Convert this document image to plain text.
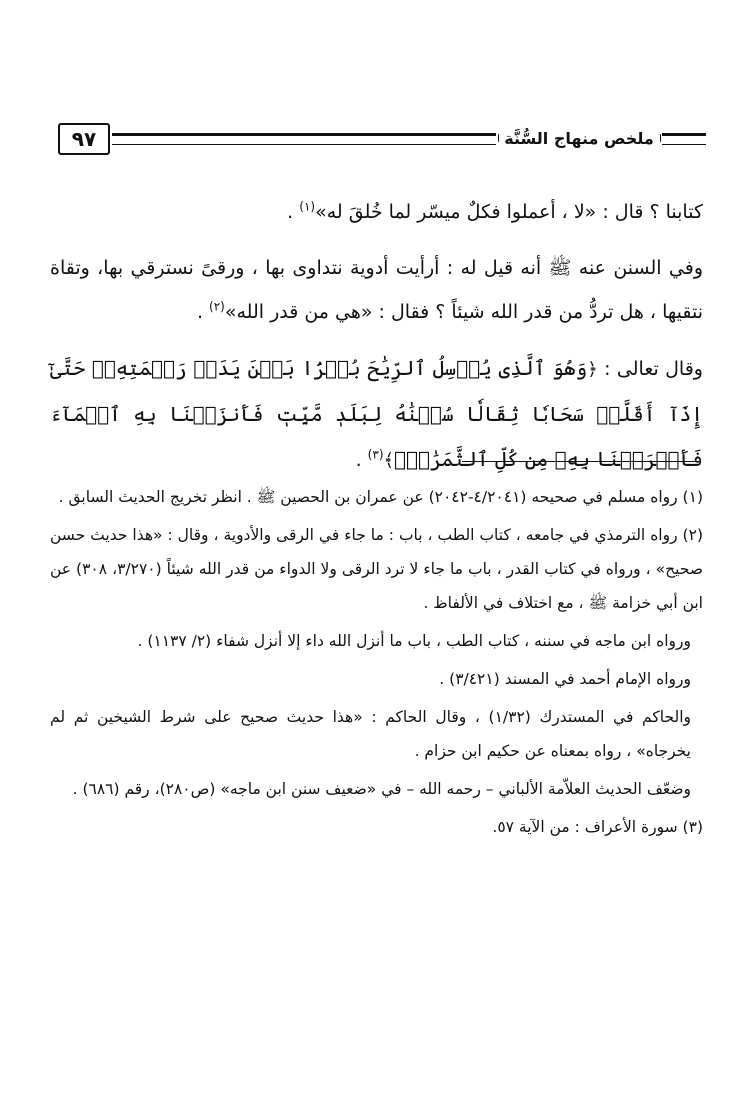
٩٧	ملخص منهاج السُّنَّة

كتابنا ؟ قال : «لا ، أعملوا فكلٌ ميسّر لما خُلقَ له»$^{(١)}$ .

وفي السنن عنه ﷺ أنه قيل له : أرأيت أدوية نتداوى بها ، ورقىً نسترقي بها، وتقاة نتقيها ، هل تردُّ من قدر الله شيئاً ؟ فقال : «هي من قدر الله»$^{(٢)}$ .

وقال تعالى : ﴿وَهُوَ ٱلَّذِى يُرۡسِلُ ٱلرِّيَٰحَ بُشۡرَۢا بَيۡنَ يَدَىۡ رَحۡمَتِهِۦۖ حَتَّىٰٓ إِذَآ أَقَلَّتۡ سَحَابٗا ثِقَالٗا سُقۡنَٰهُ لِبَلَدٖ مَّيِّتٖ فَأَنزَلۡنَا بِهِ ٱلۡمَآءَ فَأَخۡرَجۡنَا بِهِۦ مِن كُلِّ ٱلثَّمَرَٰتِۚ﴾$^{(٣)}$ .

(١) رواه مسلم في صحيحه (٤/٢٠٤١-٢٠٤٢) عن عمران بن الحصين ﷺ . انظر تخريج الحديث السابق .

(٢) رواه الترمذي في جامعه ، كتاب الطب ، باب : ما جاء في الرقى والأدوية ، وقال : «هذا حديث حسن صحيح» ، ورواه في كتاب القدر ، باب ما جاء لا ترد الرقى ولا الدواء من قدر الله شيئاً (٣/٢٧٠، ٣٠٨) عن ابن أبي خزامة ﷺ ، مع اختلاف في الألفاظ .

ورواه ابن ماجه في سننه ، كتاب الطب ، باب ما أنزل الله داء إلا أنزل شفاء (٢/ ١١٣٧) .

ورواه الإمام أحمد في المسند (٣/٤٢١) .

والحاكم في المستدرك (١/٣٢) ، وقال الحاكم : «هذا حديث صحيح على شرط الشيخين ثم لم يخرجاه» ، رواه بمعناه عن حكيم ابن حزام .

وضعّف الحديث العلاّمة الألباني – رحمه الله – في «ضعيف سنن ابن ماجه» (ص٢٨٠)، رقم (٦٨٦) .

(٣) سورة الأعراف : من الآية ٥٧.
